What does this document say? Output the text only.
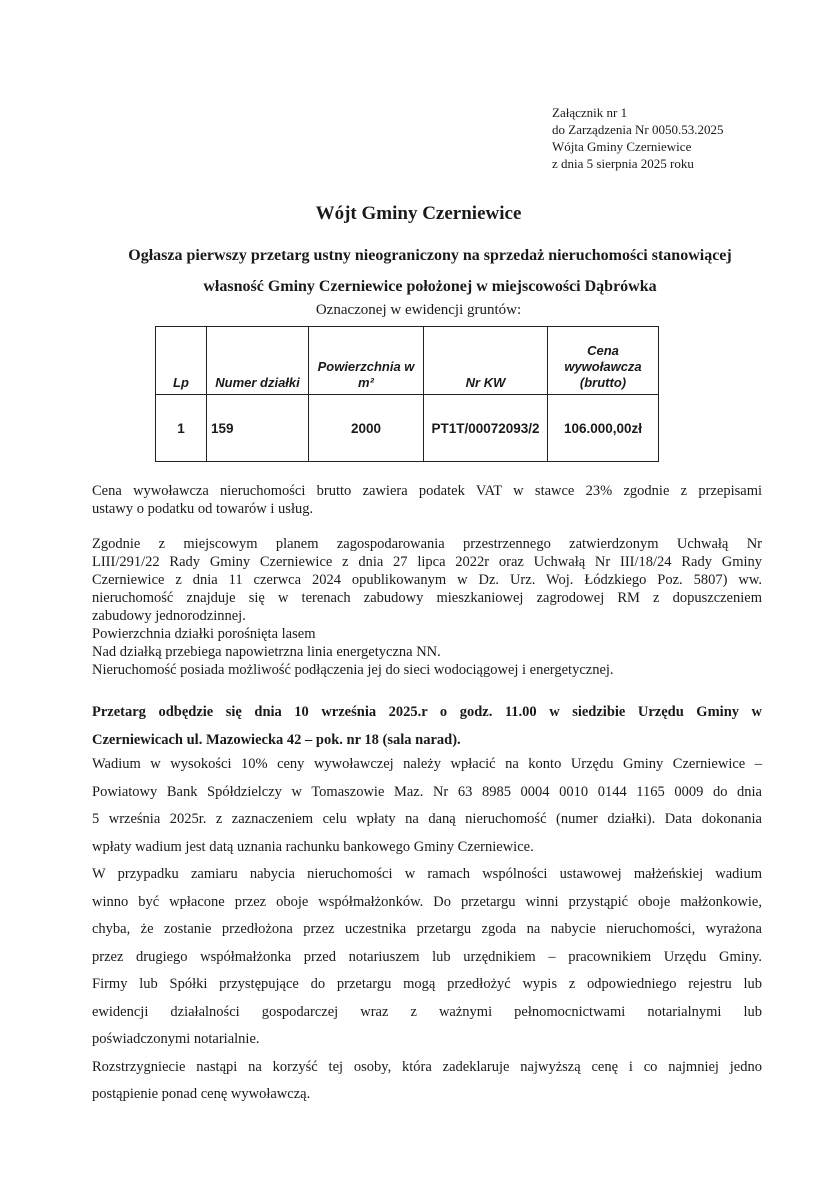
Załącznik nr 1
do Zarządzenia Nr 0050.53.2025
Wójta Gminy Czerniewice
z dnia 5 sierpnia 2025 roku
Wójt Gminy Czerniewice
Ogłasza pierwszy przetarg ustny nieograniczony na sprzedaż nieruchomości stanowiącej
własność Gminy Czerniewice położonej w miejscowości Dąbrówka
Oznaczonej w ewidencji gruntów:
Lp	Numer działki	Powierzchnia w m²	Nr KW	Cena wywoławcza (brutto)
1	159	2000	PT1T/00072093/2	106.000,00zł
Cena wywoławcza nieruchomości brutto zawiera podatek VAT w stawce 23% zgodnie z przepisami
ustawy o podatku od towarów i usług.
Zgodnie z miejscowym planem zagospodarowania przestrzennego zatwierdzonym Uchwałą Nr
LIII/291/22 Rady Gminy Czerniewice z dnia 27 lipca 2022r oraz Uchwałą Nr III/18/24 Rady Gminy
Czerniewice z dnia 11 czerwca 2024 opublikowanym w Dz. Urz. Woj. Łódzkiego Poz. 5807) ww.
nieruchomość znajduje się w terenach zabudowy mieszkaniowej zagrodowej RM z dopuszczeniem
zabudowy jednorodzinnej.
Powierzchnia działki porośnięta lasem
Nad działką przebiega napowietrzna linia energetyczna NN.
Nieruchomość posiada możliwość podłączenia jej do sieci wodociągowej i energetycznej.
Przetarg odbędzie się dnia 10 września 2025.r o godz. 11.00 w siedzibie Urzędu Gminy w
Czerniewicach ul. Mazowiecka 42 – pok. nr 18 (sala narad).
Wadium w wysokości 10% ceny wywoławczej należy wpłacić na konto Urzędu Gminy Czerniewice –
Powiatowy Bank Spółdzielczy w Tomaszowie Maz. Nr 63 8985 0004 0010 0144 1165 0009 do dnia
5 września 2025r. z zaznaczeniem celu wpłaty na daną nieruchomość (numer działki). Data dokonania
wpłaty wadium jest datą uznania rachunku bankowego Gminy Czerniewice.
W przypadku zamiaru nabycia nieruchomości w ramach wspólności ustawowej małżeńskiej wadium
winno być wpłacone przez oboje współmałżonków. Do przetargu winni przystąpić oboje małżonkowie,
chyba, że zostanie przedłożona przez uczestnika przetargu zgoda na nabycie nieruchomości, wyrażona
przez drugiego współmałżonka przed notariuszem lub urzędnikiem – pracownikiem Urzędu Gminy.
Firmy lub Spółki przystępujące do przetargu mogą przedłożyć wypis z odpowiedniego rejestru lub
ewidencji działalności gospodarczej wraz z ważnymi pełnomocnictwami notarialnymi lub
poświadczonymi notarialnie.
Rozstrzygniecie nastąpi na korzyść tej osoby, która zadeklaruje najwyższą cenę i co najmniej jedno
postąpienie ponad cenę wywoławczą.
